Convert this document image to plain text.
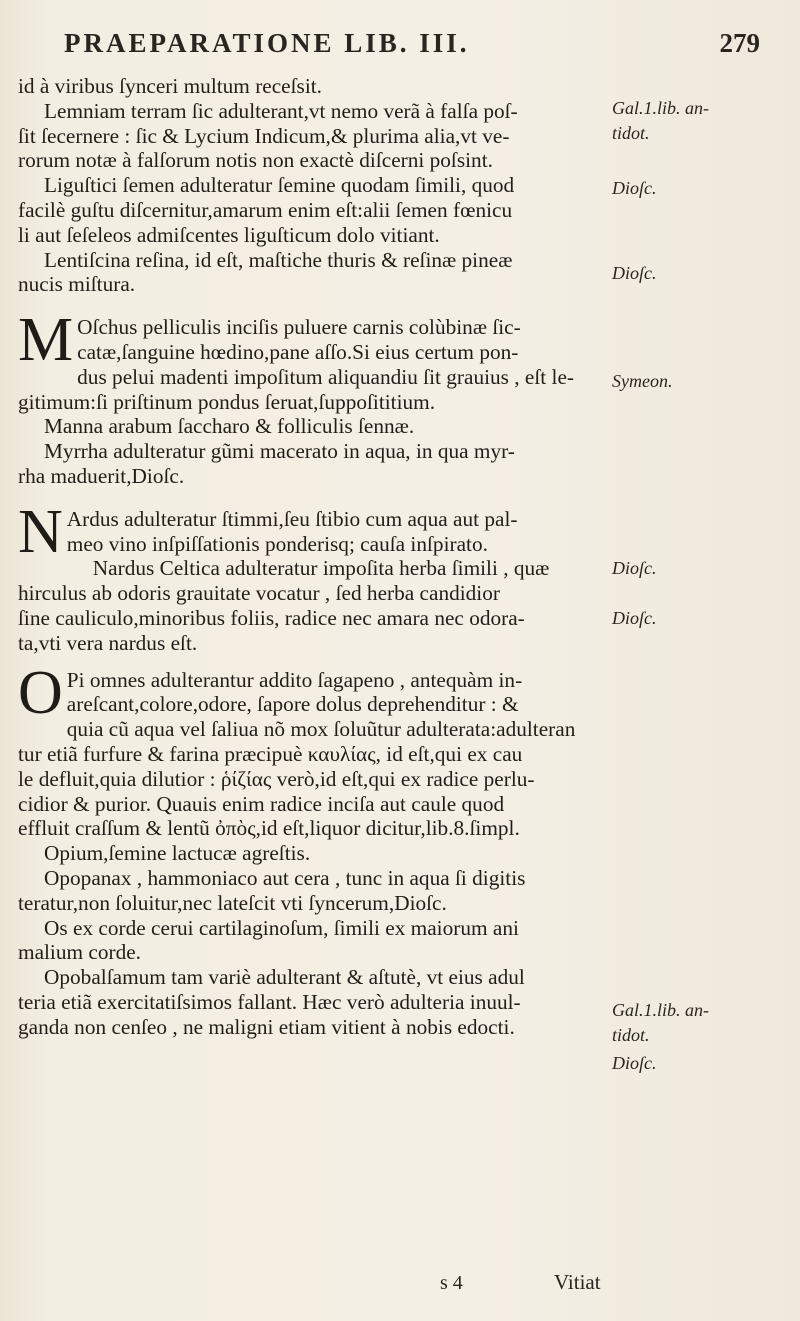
PRAEPARATIONE LIB. III.	279
id à viribus ſynceri multum receſsit.
Lemniam terram ſic adulterant,vt nemo verã à falſa poſ-
ſit ſecernere : ſic & Lycium Indicum,& plurima alia,vt ve-
rorum notæ à falſorum notis non exactè diſcerni poſsint.
Liguſtici ſemen adulteratur ſemine quodam ſimili, quod
facilè guſtu diſcernitur,amarum enim eſt:alii ſemen fœnicu
li aut ſeſeleos admiſcentes liguſticum dolo vitiant.
Lentiſcina reſina, id eſt, maſtiche thuris & reſinæ pineæ
nucis miſtura.
M Oſchus pelliculis inciſis puluere carnis colùbinæ ſic-
catæ,ſanguine hœdino,pane aſſo.Si eius certum pon-
dus pelui madenti impoſitum aliquandiu ſit grauius , eſt le-
gitimum:ſi priſtinum pondus ſeruat,ſuppoſititium.
Manna arabum ſaccharo & folliculis ſennæ.
Myrrha adulteratur gũmi macerato in aqua, in qua myr-
rha maduerit,Dioſc.
N Ardus adulteratur ſtimmi,ſeu ſtibio cum aqua aut pal-
meo vino inſpiſſationis ponderisq; cauſa inſpirato.
Nardus Celtica adulteratur impoſita herba ſimili , quæ
hirculus ab odoris grauitate vocatur , ſed herba candidior
ſine cauliculo,minoribus foliis, radice nec amara nec odora-
ta,vti vera nardus eſt.
O Pi omnes adulterantur addito ſagapeno , antequàm in-
areſcant,colore,odore, ſapore dolus deprehenditur : &
quia cũ aqua vel ſaliua nõ mox ſoluũtur adulterata:adulteran
tur etiã furfure & farina præcipuè καυλίας, id eſt,qui ex cau
le defluit,quia dilutior : ῥίζίας verò,id eſt,qui ex radice perlu-
cidior & purior. Quauis enim radice inciſa aut caule quod
effluit craſſum & lentũ ὀπὸς,id eſt,liquor dicitur,lib.8.ſimpl.
Opium,ſemine lactucæ agreſtis.
Opopanax , hammoniaco aut cera , tunc in aqua ſi digitis
teratur,non ſoluitur,nec lateſcit vti ſyncerum,Dioſc.
Os ex corde cerui cartilaginoſum, ſimili ex maiorum ani
malium corde.
Opobalſamum tam variè adulterant & aſtutè, vt eius adul
teria etiã exercitatiſsimos fallant. Hæc verò adulteria inuul-
ganda non cenſeo , ne maligni etiam vitient à nobis edocti.
Gal.1.lib. an-
tidot.
Dioſc.
Dioſc.
Symeon.
Dioſc.
Dioſc.
Gal.1.lib. an-
tidot.
Dioſc.
s 4	Vitiat
